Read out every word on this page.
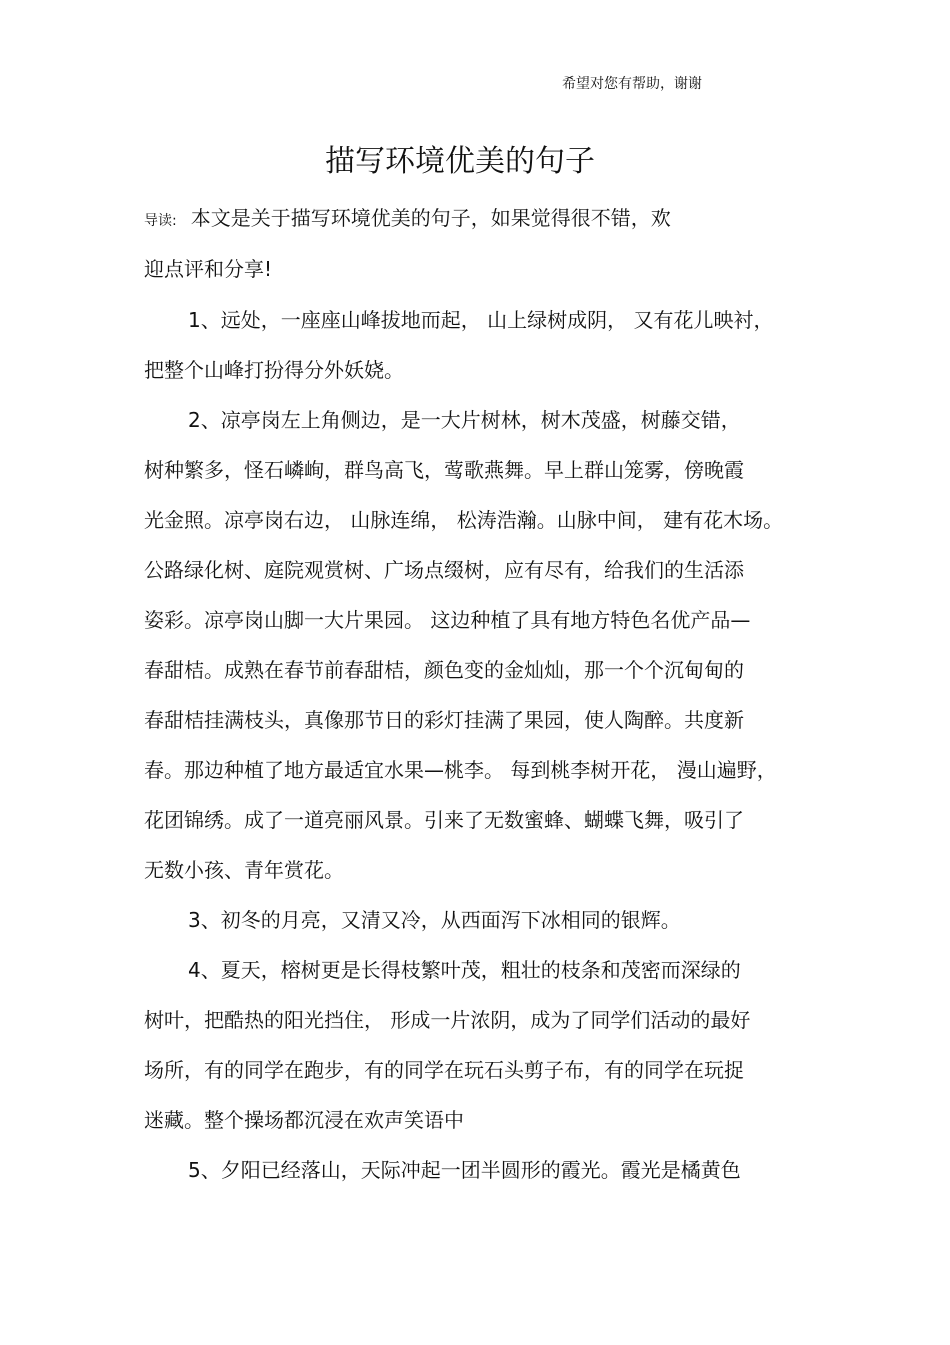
希望对您有帮助，谢谢
描写环境优美的句子
导读: 本文是关于描写环境优美的句子，如果觉得很不错，欢
迎点评和分享!
1、远处，一座座山峰拔地而起， 山上绿树成阴， 又有花儿映衬，
把整个山峰打扮得分外妖娆。
2、凉亭岗左上角侧边，是一大片树林，树木茂盛，树藤交错，
树种繁多，怪石嶙峋，群鸟高飞，莺歌燕舞。早上群山笼雾，傍晚霞
光金照。凉亭岗右边， 山脉连绵， 松涛浩瀚。山脉中间， 建有花木场。
公路绿化树、庭院观赏树、广场点缀树，应有尽有，给我们的生活添
姿彩。凉亭岗山脚一大片果园。 这边种植了具有地方特色名优产品—
春甜桔。成熟在春节前春甜桔，颜色变的金灿灿，那一个个沉甸甸的
春甜桔挂满枝头，真像那节日的彩灯挂满了果园，使人陶醉。共度新
春。那边种植了地方最适宜水果—桃李。 每到桃李树开花， 漫山遍野，
花团锦绣。成了一道亮丽风景。引来了无数蜜蜂、蝴蝶飞舞，吸引了
无数小孩、青年赏花。
3、初冬的月亮，又清又冷，从西面泻下冰相同的银辉。
4、夏天，榕树更是长得枝繁叶茂，粗壮的枝条和茂密而深绿的
树叶，把酷热的阳光挡住， 形成一片浓阴，成为了同学们活动的最好
场所，有的同学在跑步，有的同学在玩石头剪子布，有的同学在玩捉
迷藏。整个操场都沉浸在欢声笑语中
5、夕阳已经落山，天际冲起一团半圆形的霞光。霞光是橘黄色
